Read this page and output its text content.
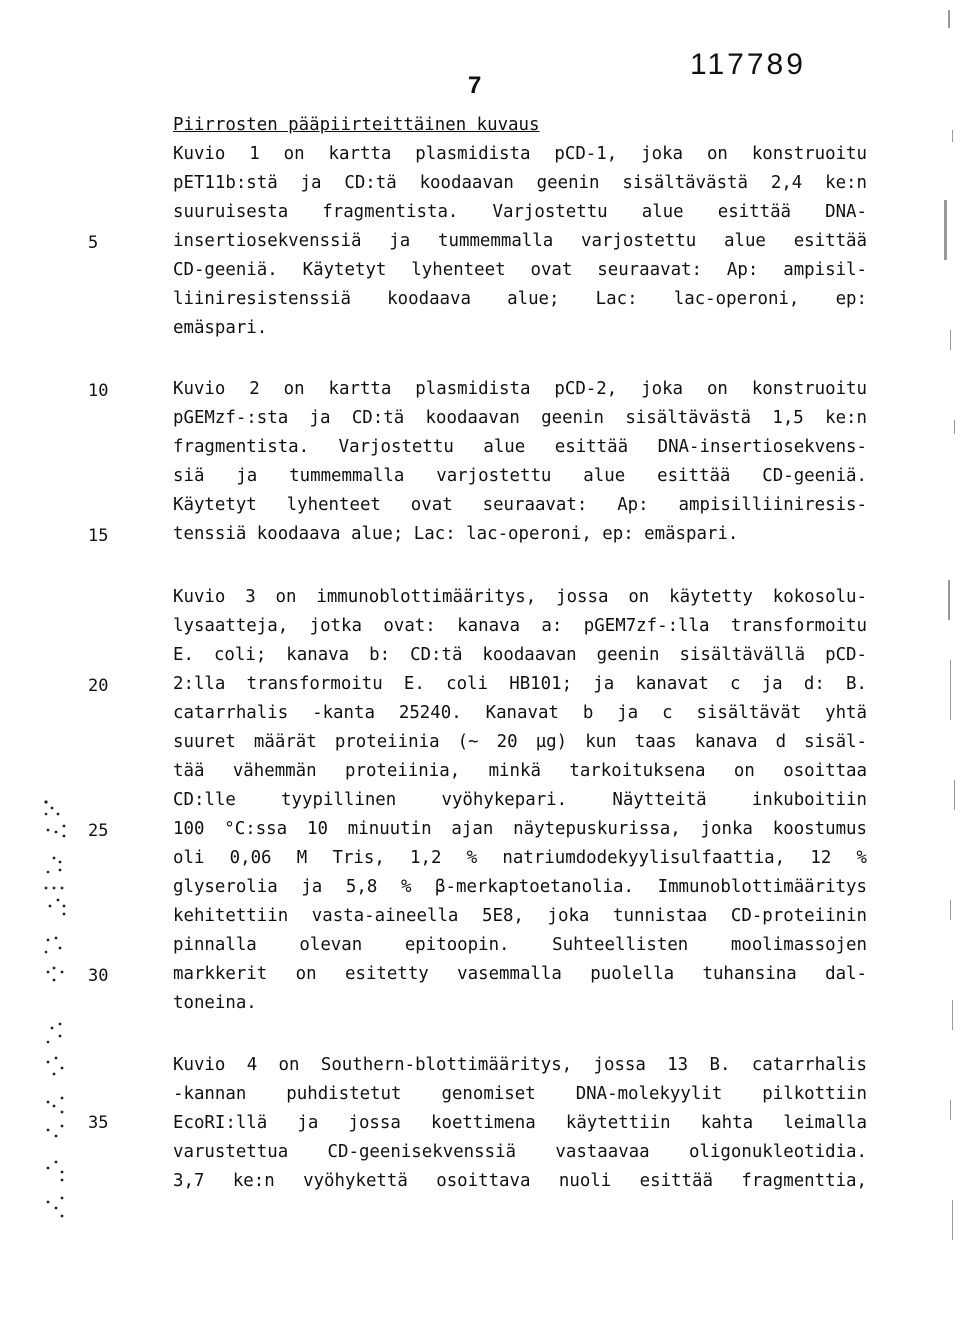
7
117789
Piirrosten pääpiirteittäinen kuvaus
Kuvio 1 on kartta plasmidista pCD-1, joka on konstruoitu
pET11b:stä ja CD:tä koodaavan geenin sisältävästä 2,4 ke:n
suuruisesta fragmentista. Varjostettu alue esittää DNA-
insertiosekvenssiä ja tummemmalla varjostettu alue esittää
CD-geeniä. Käytetyt lyhenteet ovat seuraavat: Ap: ampisil-
liiniresistenssiä koodaava alue; Lac: lac-operoni, ep:
emäspari.
Kuvio 2 on kartta plasmidista pCD-2, joka on konstruoitu
pGEMzf-:sta ja CD:tä koodaavan geenin sisältävästä 1,5 ke:n
fragmentista. Varjostettu alue esittää DNA-insertiosekvens-
siä ja tummemmalla varjostettu alue esittää CD-geeniä.
Käytetyt lyhenteet ovat seuraavat: Ap: ampisilliiniresis-
tenssiä koodaava alue; Lac: lac-operoni, ep: emäspari.
Kuvio 3 on immunoblottimääritys, jossa on käytetty kokosolu-
lysaatteja, jotka ovat: kanava a: pGEM7zf-:lla transformoitu
E. coli; kanava b: CD:tä koodaavan geenin sisältävällä pCD-
2:lla transformoitu E. coli HB101; ja kanavat c ja d: B.
catarrhalis -kanta 25240. Kanavat b ja c sisältävät yhtä
suuret määrät proteiinia (~ 20 µg) kun taas kanava d sisäl-
tää vähemmän proteiinia, minkä tarkoituksena on osoittaa
CD:lle tyypillinen vyöhykepari. Näytteitä inkuboitiin
100 °C:ssa 10 minuutin ajan näytepuskurissa, jonka koostumus
oli 0,06 M Tris, 1,2 % natriumdodekyylisulfaattia, 12 %
glyserolia ja 5,8 % β-merkaptoetanolia. Immunoblottimääritys
kehitettiin vasta-aineella 5E8, joka tunnistaa CD-proteiinin
pinnalla olevan epitoopin. Suhteellisten moolimassojen
markkerit on esitetty vasemmalla puolella tuhansina dal-
toneina.
Kuvio 4 on Southern-blottimääritys, jossa 13 B. catarrhalis
-kannan puhdistetut genomiset DNA-molekyylit pilkottiin
EcoRI:llä ja jossa koettimena käytettiin kahta leimalla
varustettua CD-geenisekvenssiä vastaavaa oligonukleotidia.
3,7 ke:n vyöhykettä osoittava nuoli esittää fragmenttia,
5
10
15
20
25
30
35
